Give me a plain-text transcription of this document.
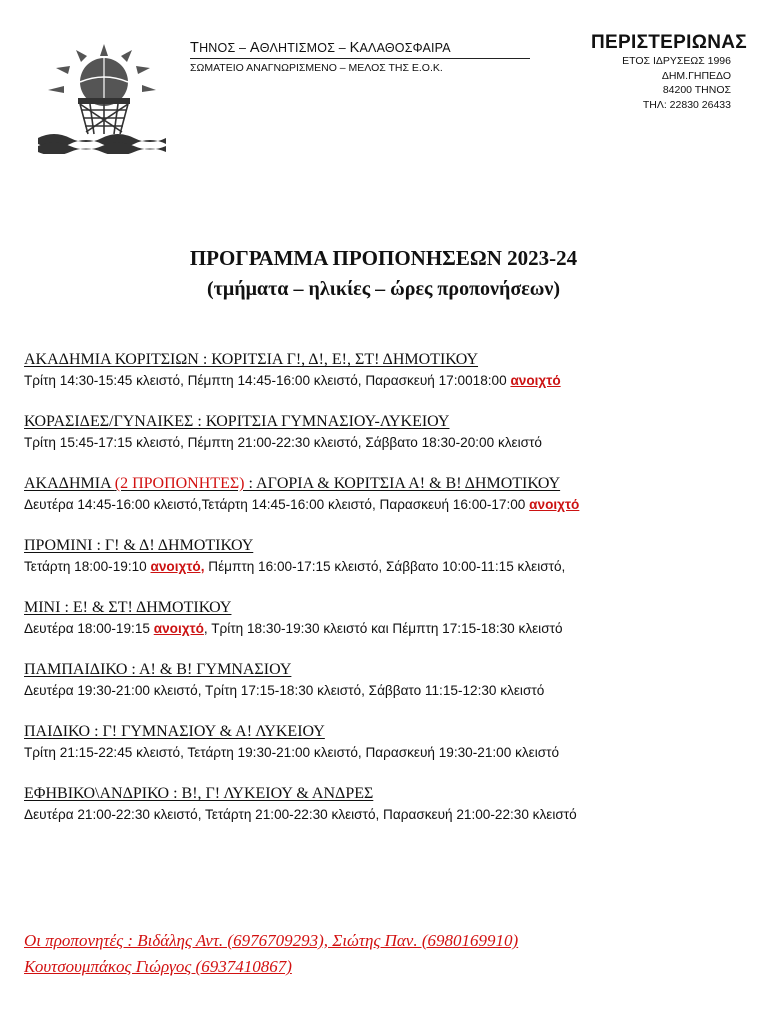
ΤΗΝΟΣ – ΑΘΛΗΤΙΣΜΟΣ – ΚΑΛΑΘΟΣΦΑΙΡΑ
ΣΩΜΑΤΕΙΟ ΑΝΑΓΝΩΡΙΣΜΕΝΟ – ΜΕΛΟΣ ΤΗΣ Ε.Ο.Κ.
ΠΕΡΙΣΤΕΡΙΩΝΑΣ
ΕΤΟΣ ΙΔΡΥΣΕΩΣ 1996
ΔΗΜ.ΓΗΠΕΔΟ
84200 ΤΗΝΟΣ
ΤΗΛ: 22830 26433
ΠΡΟΓΡΑΜΜΑ ΠΡΟΠΟΝΗΣΕΩΝ 2023-24
(τμήματα – ηλικίες – ώρες προπονήσεων)
ΑΚΑΔΗΜΙΑ ΚΟΡΙΤΣΙΩΝ : ΚΟΡΙΤΣΙΑ Γ!, Δ!, Ε!, ΣΤ! ΔΗΜΟΤΙΚΟΥ
Τρίτη 14:30-15:45 κλειστό, Πέμπτη 14:45-16:00 κλειστό, Παρασκευή 17:0018:00 ανοιχτό
ΚΟΡΑΣΙΔΕΣ/ΓΥΝΑΙΚΕΣ : ΚΟΡΙΤΣΙΑ ΓΥΜΝΑΣΙΟΥ-ΛΥΚΕΙΟΥ
Τρίτη 15:45-17:15 κλειστό, Πέμπτη 21:00-22:30 κλειστό, Σάββατο 18:30-20:00 κλειστό
ΑΚΑΔΗΜΙΑ (2 ΠΡΟΠΟΝΗΤΕΣ) : ΑΓΟΡΙΑ & ΚΟΡΙΤΣΙΑ Α! & Β! ΔΗΜΟΤΙΚΟΥ
Δευτέρα 14:45-16:00 κλειστό,Τετάρτη 14:45-16:00 κλειστό, Παρασκευή 16:00-17:00 ανοιχτό
ΠΡΟΜΙΝΙ : Γ! & Δ! ΔΗΜΟΤΙΚΟΥ
Τετάρτη 18:00-19:10 ανοιχτό, Πέμπτη 16:00-17:15 κλειστό, Σάββατο 10:00-11:15 κλειστό,
ΜΙΝΙ : Ε! & ΣΤ! ΔΗΜΟΤΙΚΟΥ
Δευτέρα 18:00-19:15 ανοιχτό, Τρίτη 18:30-19:30 κλειστό και Πέμπτη 17:15-18:30 κλειστό
ΠΑΜΠΑΙΔΙΚΟ : Α! & Β! ΓΥΜΝΑΣΙΟΥ
Δευτέρα 19:30-21:00 κλειστό, Τρίτη 17:15-18:30 κλειστό, Σάββατο 11:15-12:30 κλειστό
ΠΑΙΔΙΚΟ : Γ! ΓΥΜΝΑΣΙΟΥ & Α! ΛΥΚΕΙΟΥ
Τρίτη 21:15-22:45 κλειστό, Τετάρτη 19:30-21:00 κλειστό, Παρασκευή 19:30-21:00 κλειστό
ΕΦΗΒΙΚΟ\ΑΝΔΡΙΚΟ : Β!, Γ! ΛΥΚΕΙΟΥ & ΑΝΔΡΕΣ
Δευτέρα 21:00-22:30 κλειστό, Τετάρτη 21:00-22:30 κλειστό, Παρασκευή 21:00-22:30 κλειστό
Οι προπονητές : Βιδάλης Αντ. (6976709293), Σιώτης Παν. (6980169910)
Κουτσουμπάκος Γιώργος (6937410867)
